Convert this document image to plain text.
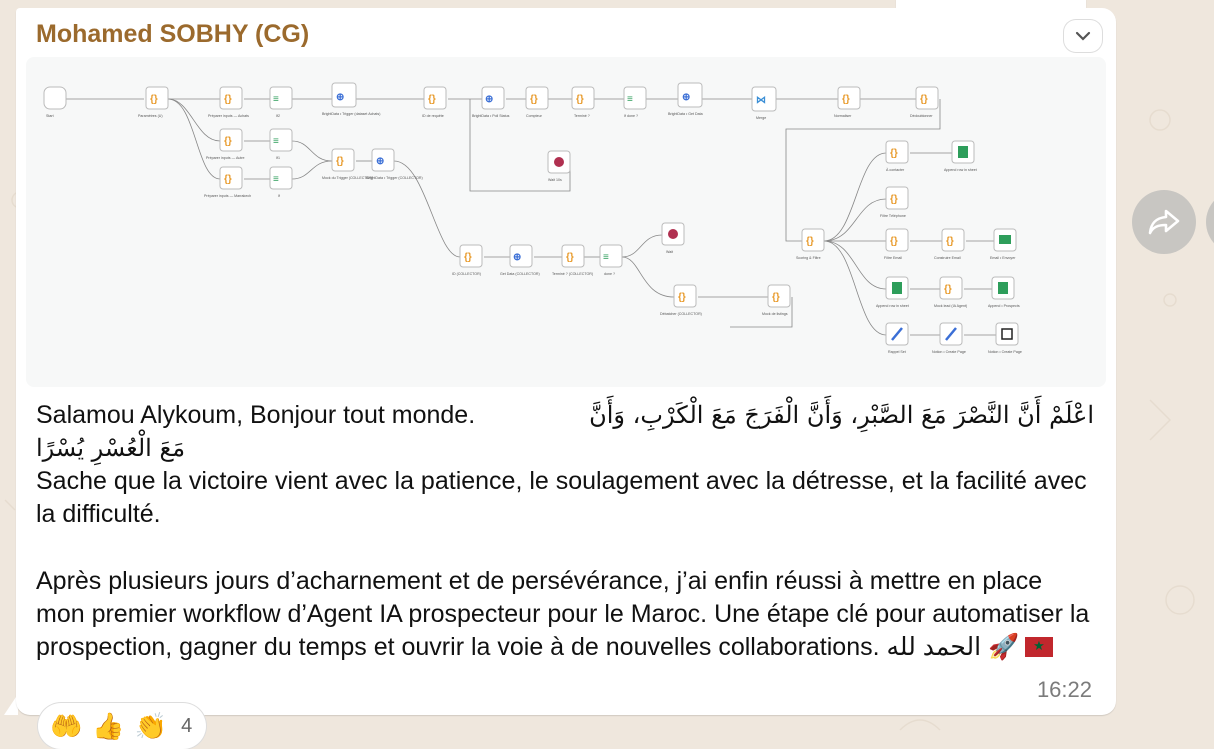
Mohamed SOBHY (CG)
{}	{}	≡	⊕	{}	⊕	{}	{}	≡	⊕	⋈	{}	{}
{}	≡
{}	≡
{}	⊕
{}	⊕	{}	≡
{}	{}
{}
{}
{}
{}	{}
{}
Start	Paramètres (U)	Préparer inputs — Achats	If2	BrightData • Trigger (dataset Achats)	ID de requête	BrightData • Poll Status	Compteur	Terminé ?	If done ?	BrightData • Get Data
Merge	Normaliser	Dédoublonner
Préparer inputs — Autre	If1
Préparer inputs — Marrakech	If
Mock du Trigger (COLLECTOR)
BrightData • Trigger (COLLECTOR)	Wait 10s
ID (COLLECTOR)	Get Data (COLLECTOR)	Terminé ? (COLLECTOR)	done ?
Wait
Débatcher (COLLECTOR)	Mock de listings
Scoring & Filtre
À contacter	Append row in sheet
Filtre Téléphone
Filtre Email	Construire Email	Email • Envoyer
Append row in sheet	Mock lead (IA Agent)	Append • Prospects
Rappel Set	Notion • Create Page	Notion • Create Page
Salamou Alykoum, Bonjour tout monde.	اعْلَمْ أَنَّ النَّصْرَ مَعَ الصَّبْرِ، وَأَنَّ الْفَرَجَ مَعَ الْكَرْبِ، وَأَنَّ
مَعَ الْعُسْرِ يُسْرًا

Sache que la victoire vient avec la patience, le soulagement avec la détresse, et la facilité avec la difficulté.

Après plusieurs jours d’acharnement et de persévérance, j’ai enfin réussi à mettre en place mon premier workflow d’Agent IA prospecteur pour le Maroc. Une étape clé pour automatiser la prospection, gagner du temps et ouvrir la voie à de nouvelles collaborations. الحمد لله 🚀★

16:22
🤲 👍 👏 4
